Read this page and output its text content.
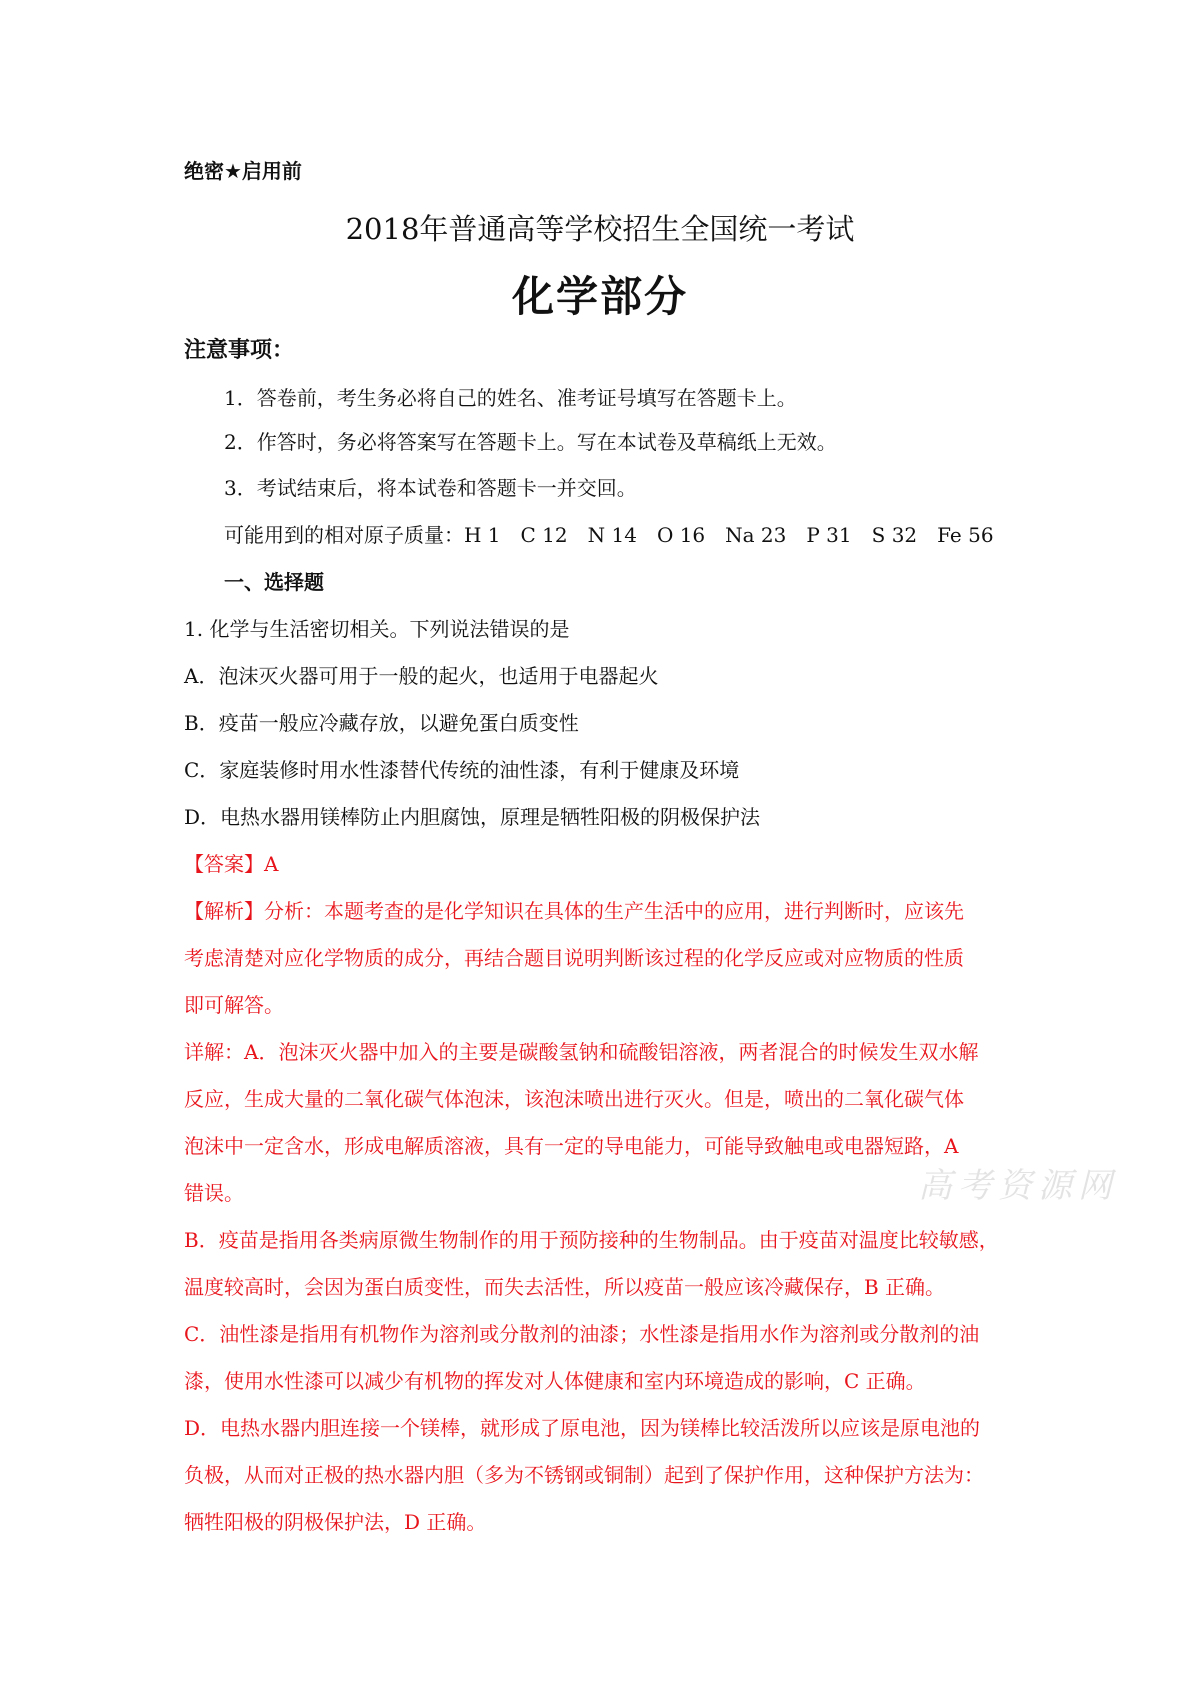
绝密★启用前
2018年普通高等学校招生全国统一考试
化学部分
注意事项：
1．答卷前，考生务必将自己的姓名、准考证号填写在答题卡上。
2．作答时，务必将答案写在答题卡上。写在本试卷及草稿纸上无效。
3．考试结束后，将本试卷和答题卡一并交回。
可能用到的相对原子质量：H 1　C 12　N 14　O 16　Na 23　P 31　S 32　Fe 56
一、选择题
1. 化学与生活密切相关。下列说法错误的是
A．泡沫灭火器可用于一般的起火，也适用于电器起火
B．疫苗一般应冷藏存放，以避免蛋白质变性
C．家庭装修时用水性漆替代传统的油性漆，有利于健康及环境
D．电热水器用镁棒防止内胆腐蚀，原理是牺牲阳极的阴极保护法
【答案】A
【解析】分析：本题考查的是化学知识在具体的生产生活中的应用，进行判断时，应该先
考虑清楚对应化学物质的成分，再结合题目说明判断该过程的化学反应或对应物质的性质
即可解答。
详解：A．泡沫灭火器中加入的主要是碳酸氢钠和硫酸铝溶液，两者混合的时候发生双水解
反应，生成大量的二氧化碳气体泡沫，该泡沫喷出进行灭火。但是，喷出的二氧化碳气体
泡沫中一定含水，形成电解质溶液，具有一定的导电能力，可能导致触电或电器短路，A
错误。
B．疫苗是指用各类病原微生物制作的用于预防接种的生物制品。由于疫苗对温度比较敏感，
温度较高时，会因为蛋白质变性，而失去活性，所以疫苗一般应该冷藏保存，B 正确。
C．油性漆是指用有机物作为溶剂或分散剂的油漆；水性漆是指用水作为溶剂或分散剂的油
漆，使用水性漆可以减少有机物的挥发对人体健康和室内环境造成的影响，C 正确。
D．电热水器内胆连接一个镁棒，就形成了原电池，因为镁棒比较活泼所以应该是原电池的
负极，从而对正极的热水器内胆（多为不锈钢或铜制）起到了保护作用，这种保护方法为：
牺牲阳极的阴极保护法，D 正确。
高考资源网
